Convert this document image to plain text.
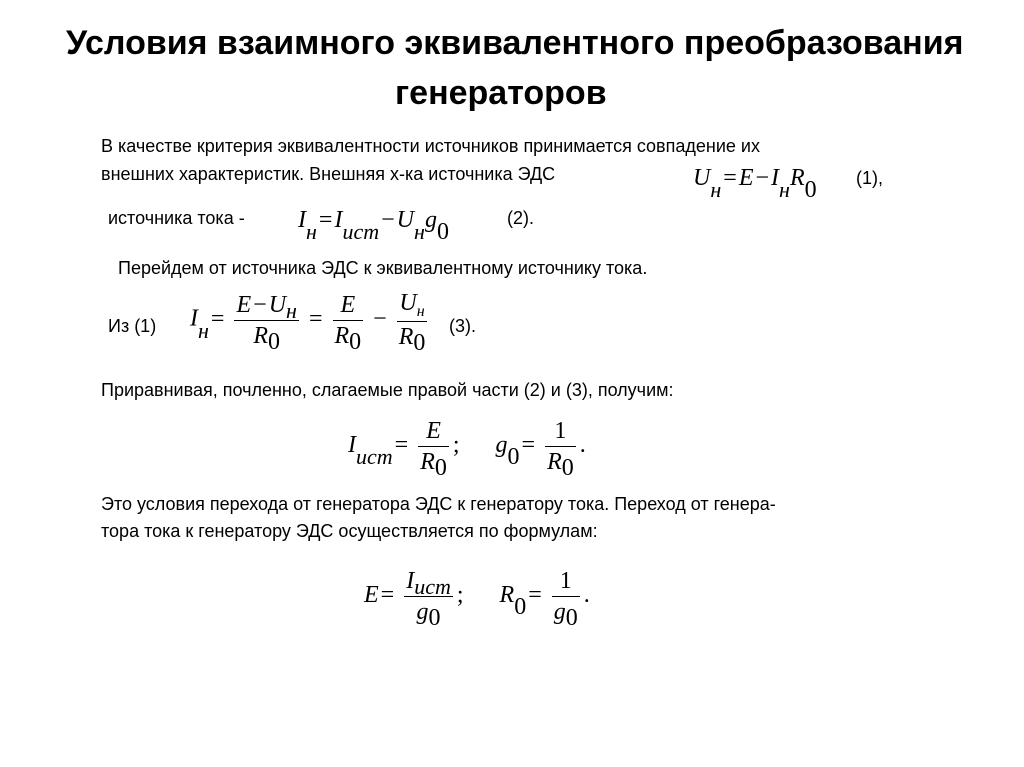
Условия взаимного эквивалентного преобразования
генераторов
В качестве критерия эквивалентности источников принимается совпадение их
внешних характеристик. Внешняя х-ка источника ЭДС	Uн=E−IнR0 (1),
источника тока - Iн=Iист−Uнg0
(2).
Перейдем от источника ЭДС к эквивалентному источнику тока.
Из (1) $Iн= \frac{E-Uн}{R0} = \frac{E}{R0} - \frac{U_н}{R0} (3)$.
Приравнивая, почленно, слагаемые правой части (2) и (3), получим:
Iист= $\frac{E}{R0}$ ; $g0= \frac{1}{R0}$ .
Это условия перехода от генератора ЭДС к генератору тока. Переход от генера-
тора тока к генератору ЭДС осуществляется по формулам:
$E= \frac{\text{Iист}}{g0}$ ; $R0= \frac{1}{g0}$ .
